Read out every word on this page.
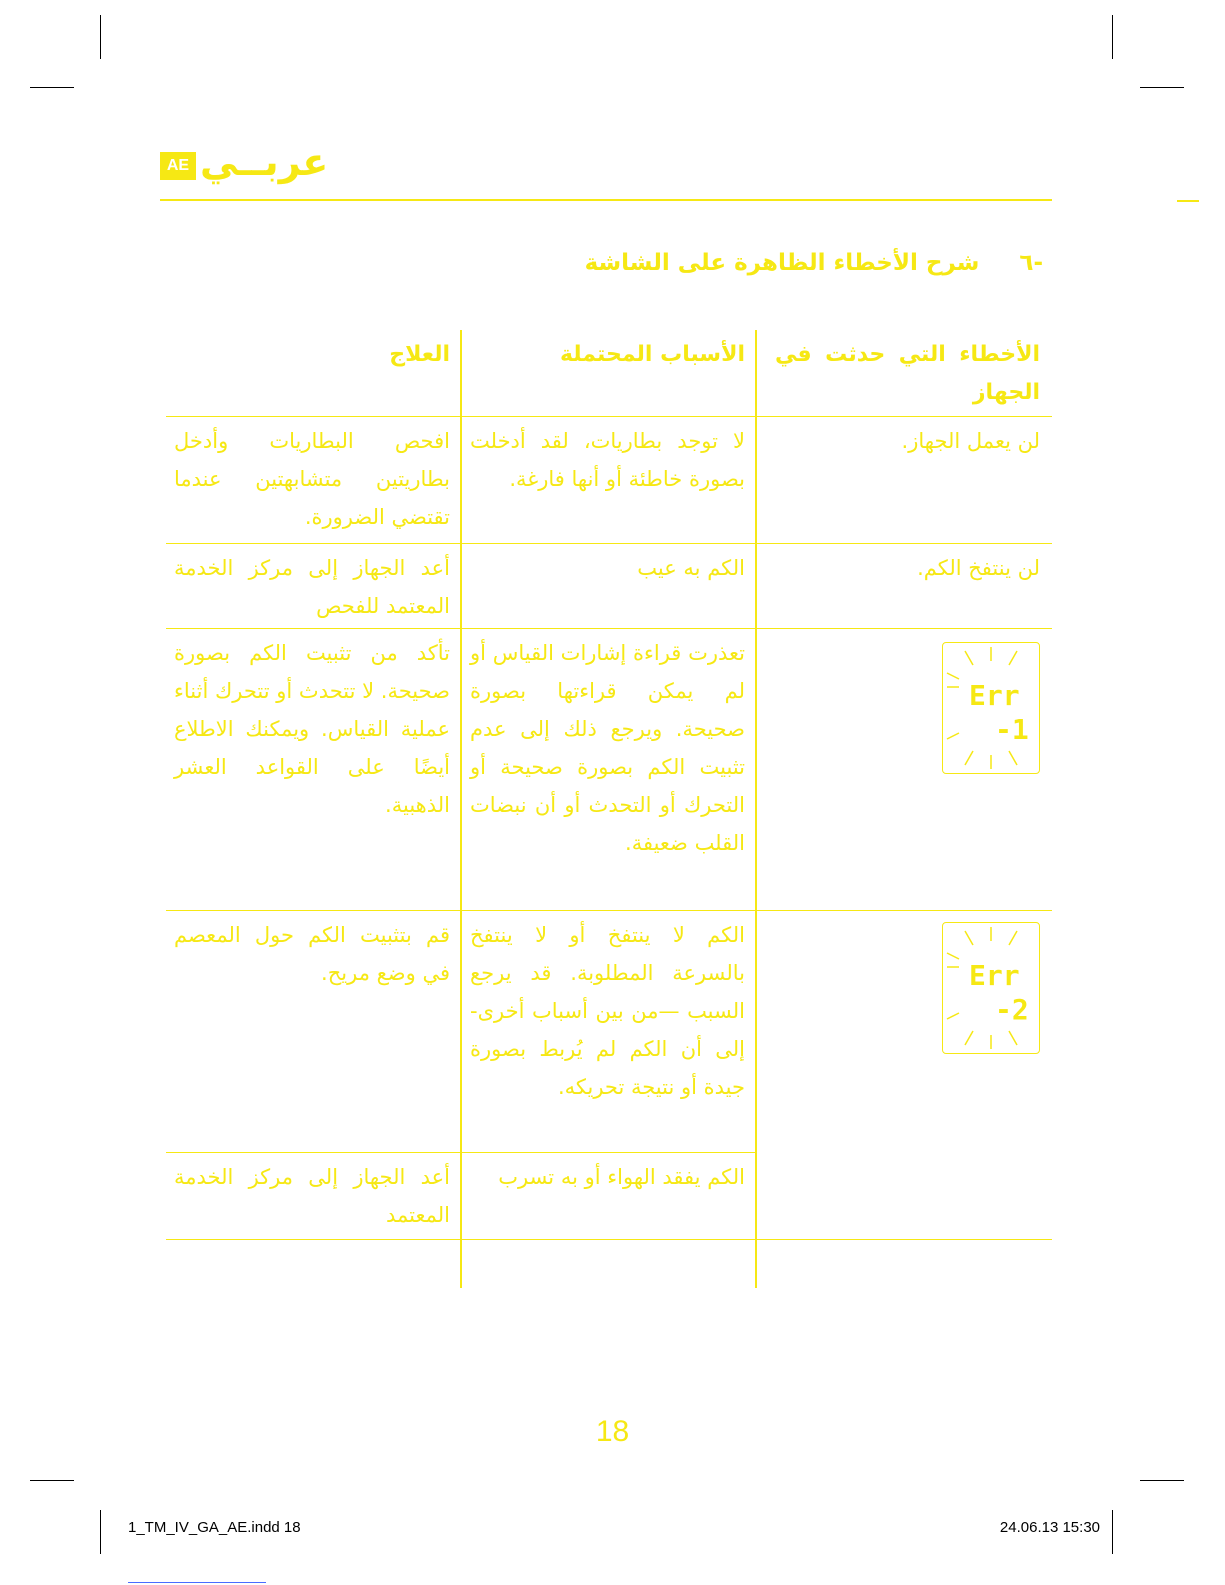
AE عربــي
-٦شرح الأخطاء الظاهرة على الشاشة
الأخطاء التي حدثت في الجهاز
الأسباب المحتملة
العلاج
لن يعمل الجهاز.
لا توجد بطاريات، لقد أدخلت بصورة خاطئة أو أنها فارغة.
افحص البطاريات وأدخل بطاريتين متشابهتين عندما تقتضي الضرورة.
لن ينتفخ الكم.
الكم به عيب
أعد الجهاز إلى مركز الخدمة المعتمد للفحص
Err
-1
تعذرت قراءة إشارات القياس أو لم يمكن قراءتها بصورة صحيحة. ويرجع ذلك إلى عدم تثبيت الكم بصورة صحيحة أو التحرك أو التحدث أو أن نبضات القلب ضعيفة.
تأكد من تثبيت الكم بصورة صحيحة. لا تتحدث أو تتحرك أثناء عملية القياس. ويمكنك الاطلاع أيضًا على القواعد العشر الذهبية.
Err
-2
الكم لا ينتفخ أو لا ينتفخ بالسرعة المطلوبة. قد يرجع السبب —من بين أسباب أخرى- إلى أن الكم لم يُربط بصورة جيدة أو نتيجة تحريكه.
قم بتثبيت الكم حول المعصم في وضع مريح.
الكم يفقد الهواء أو به تسرب
أعد الجهاز إلى مركز الخدمة المعتمد
18
1_TM_IV_GA_AE.indd 18	24.06.13 15:30
